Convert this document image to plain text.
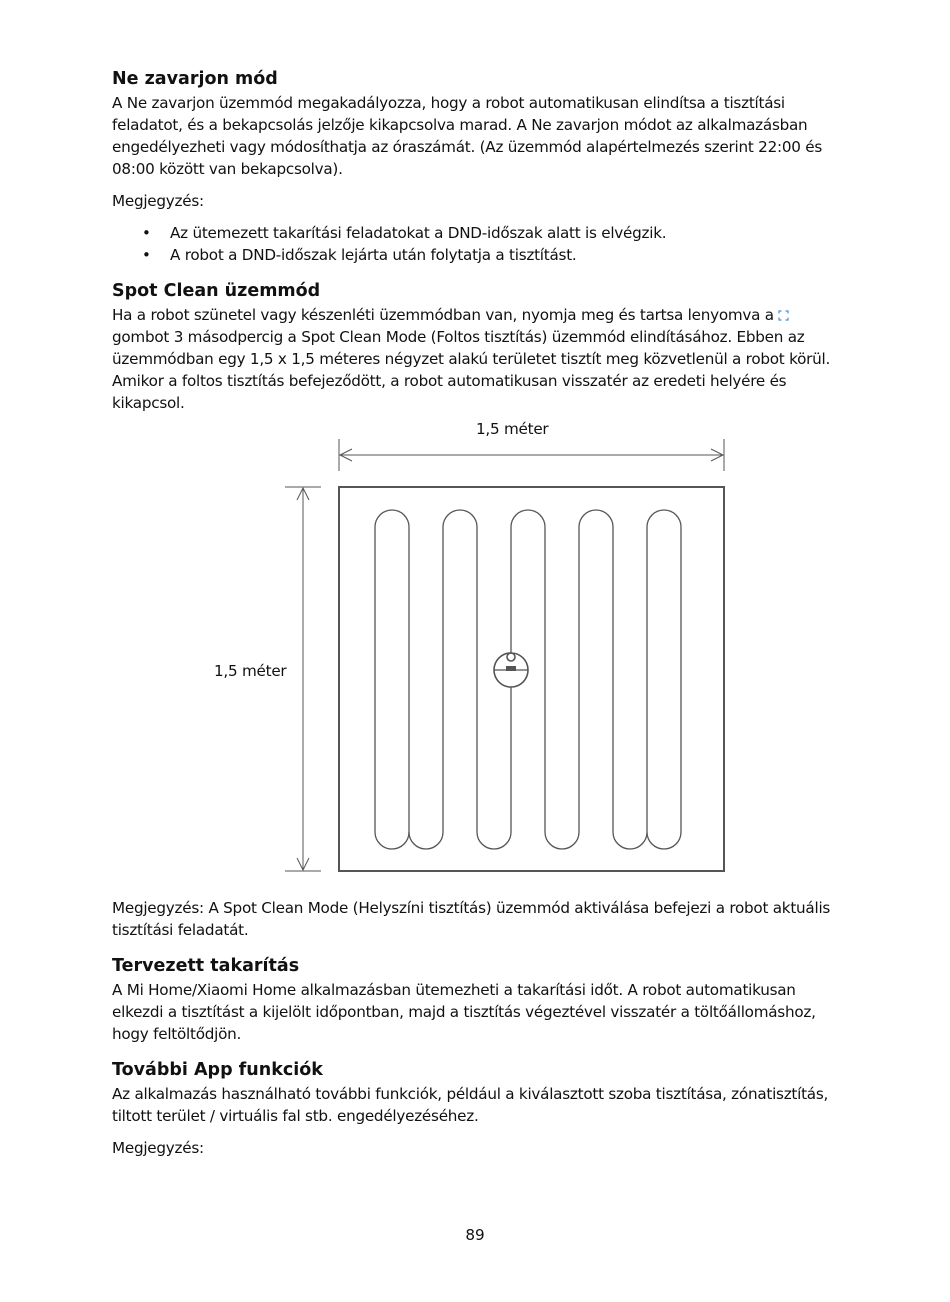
Ne zavarjon mód

A Ne zavarjon üzemmód megakadályozza, hogy a robot automatikusan elindítsa a tisztítási feladatot, és a bekapcsolás jelzője kikapcsolva marad. A Ne zavarjon módot az alkalmazásban engedélyezheti vagy módosíthatja az óraszámát. (Az üzemmód alapértelmezés szerint 22:00 és 08:00 között van bekapcsolva).

Megjegyzés:

• Az ütemezett takarítási feladatokat a DND-időszak alatt is elvégzik.
• A robot a DND-időszak lejárta után folytatja a tisztítást.
Spot Clean üzemmód

Ha a robot szünetel vagy készenléti üzemmódban van, nyomja meg és tartsa lenyomva a gombot 3 másodpercig a Spot Clean Mode (Foltos tisztítás) üzemmód elindításához. Ebben az üzemmódban egy 1,5 x 1,5 méteres négyzet alakú területet tisztít meg közvetlenül a robot körül. Amikor a foltos tisztítás befejeződött, a robot automatikusan visszatér az eredeti helyére és kikapcsol.

1,5 méter
1,5 méter

Megjegyzés: A Spot Clean Mode (Helyszíni tisztítás) üzemmód aktiválása befejezi a robot aktuális tisztítási feladatát.

Tervezett takarítás

A Mi Home/Xiaomi Home alkalmazásban ütemezheti a takarítási időt. A robot automatikusan elkezdi a tisztítást a kijelölt időpontban, majd a tisztítás végeztével visszatér a töltőállomáshoz, hogy feltöltődjön.

További App funkciók

Az alkalmazás használható további funkciók, például a kiválasztott szoba tisztítása, zónatisztítás, tiltott terület / virtuális fal stb. engedélyezéséhez.

Megjegyzés:

89
